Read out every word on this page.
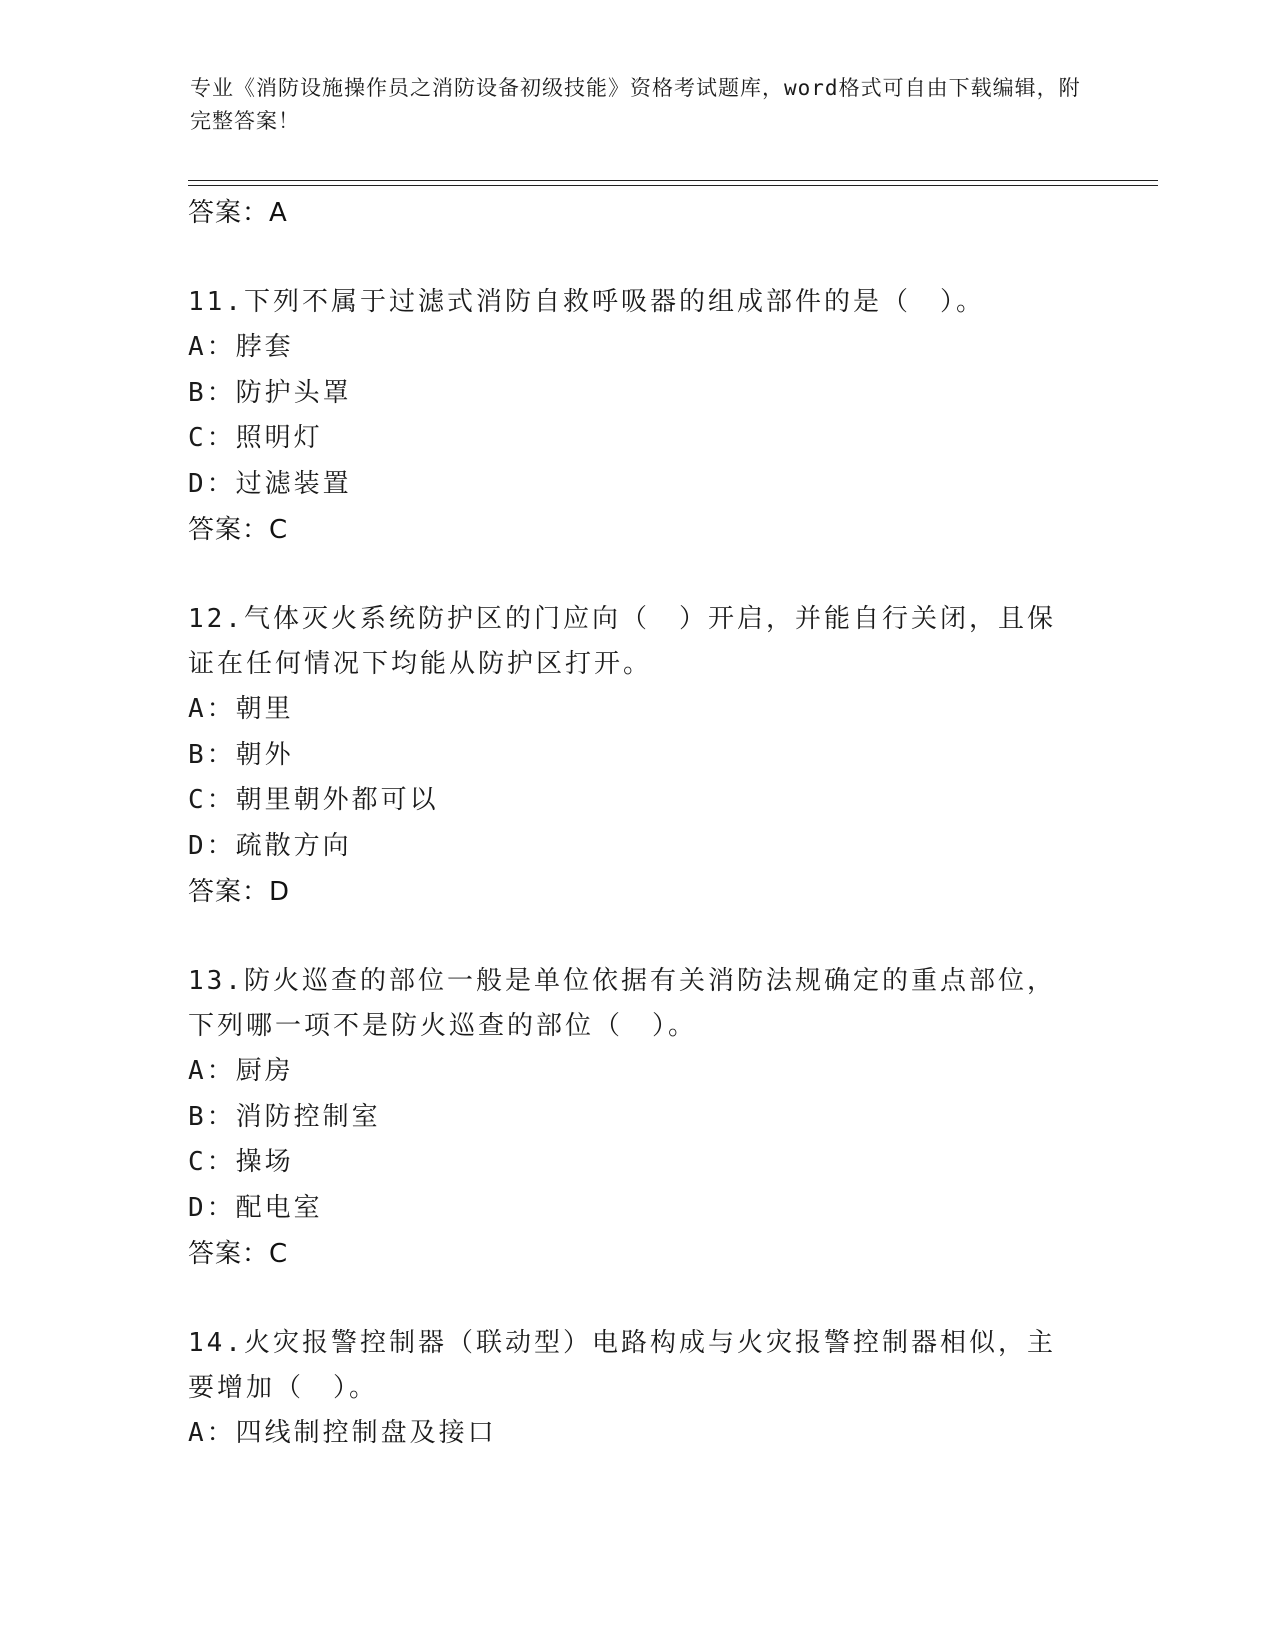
专业《消防设施操作员之消防设备初级技能》资格考试题库，word格式可自由下载编辑，附完整答案！
答案：A
11.下列不属于过滤式消防自救呼吸器的组成部件的是（　）。
A：脖套
B：防护头罩
C：照明灯
D：过滤装置
答案：C
12.气体灭火系统防护区的门应向（　）开启，并能自行关闭，且保证在任何情况下均能从防护区打开。
A：朝里
B：朝外
C：朝里朝外都可以
D：疏散方向
答案：D
13.防火巡查的部位一般是单位依据有关消防法规确定的重点部位，下列哪一项不是防火巡查的部位（　）。
A：厨房
B：消防控制室
C：操场
D：配电室
答案：C
14.火灾报警控制器（联动型）电路构成与火灾报警控制器相似，主要增加（　）。
A：四线制控制盘及接口
